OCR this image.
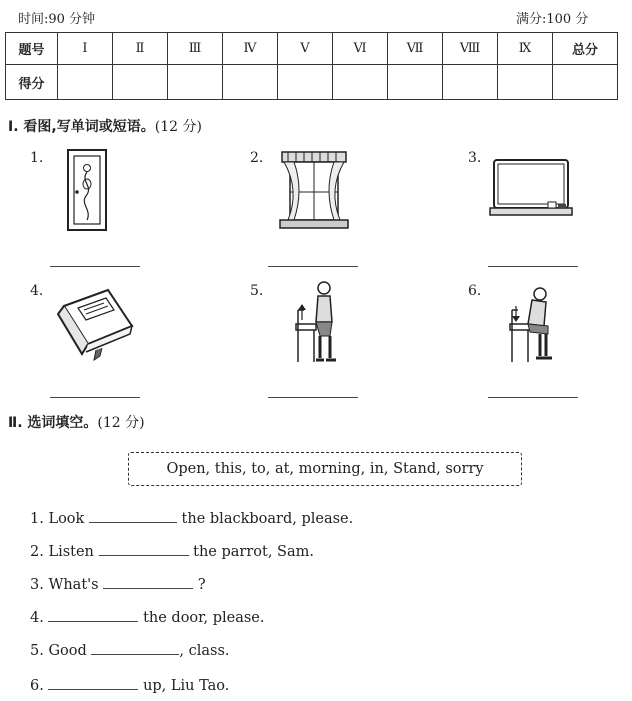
时间:90 分钟	满分:100 分
题号	Ⅰ	Ⅱ	Ⅲ	Ⅳ	Ⅴ	Ⅵ	Ⅶ	Ⅷ	Ⅸ	总分
得分										
Ⅰ. 看图,写单词或短语。(12 分)
1.	2.	3.
4.	5.	6.
Ⅱ. 选词填空。(12 分)
Open, this, to, at, morning, in, Stand, sorry
1. Look	the blackboard, please.
2. Listen	the parrot, Sam.
3. What's	?
4.	the door, please.
5. Good	, class.
6.	up, Liu Tao.
